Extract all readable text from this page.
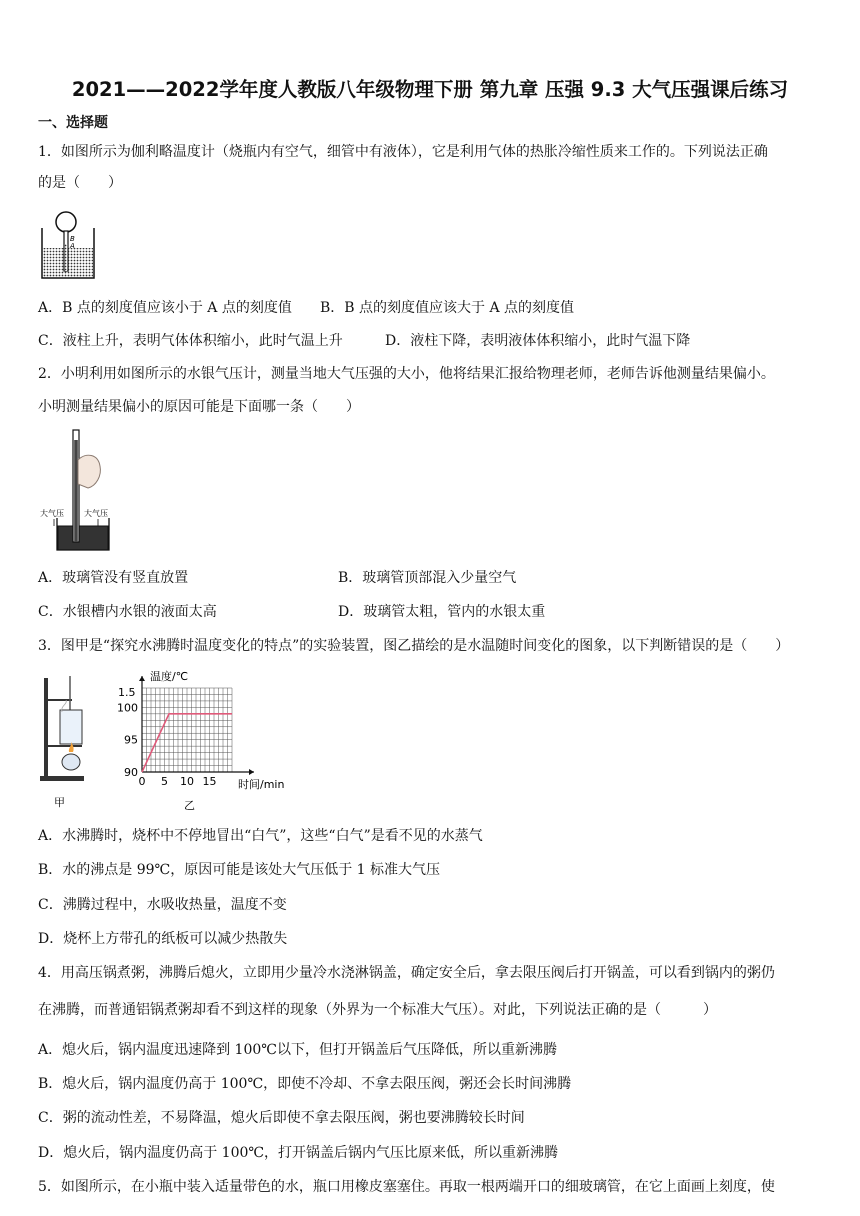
2021——2022学年度人教版八年级物理下册 第九章 压强 9.3 大气压强课后练习
一、选择题
1．如图所示为伽利略温度计（烧瓶内有空气，细管中有液体），它是利用气体的热胀冷缩性质来工作的。下列说法正确
的是（　　）
B
A
A．B 点的刻度值应该小于 A 点的刻度值 B．B 点的刻度值应该大于 A 点的刻度值
C．液柱上升，表明气体体积缩小，此时气温上升	D．液柱下降，表明液体体积缩小，此时气温下降
2．小明利用如图所示的水银气压计，测量当地大气压强的大小，他将结果汇报给物理老师，老师告诉他测量结果偏小。
小明测量结果偏小的原因可能是下面哪一条（　　）
大气压	大气压
A．玻璃管没有竖直放置	B．玻璃管顶部混入少量空气
C．水银槽内水银的液面太高	D．玻璃管太粗，管内的水银太重
3．图甲是“探究水沸腾时温度变化的特点”的实验装置，图乙描绘的是水温随时间变化的图象，以下判断错误的是（　　）
甲
温度/℃
时间/min
1.5
乙
0 5 10 15
90
95
100
A．水沸腾时，烧杯中不停地冒出“白气”，这些“白气”是看不见的水蒸气
B．水的沸点是 99℃，原因可能是该处大气压低于 1 标准大气压
C．沸腾过程中，水吸收热量，温度不变
D．烧杯上方带孔的纸板可以减少热散失
4．用高压锅煮粥，沸腾后熄火，立即用少量冷水浇淋锅盖，确定安全后，拿去限压阀后打开锅盖，可以看到锅内的粥仍
在沸腾，而普通铝锅煮粥却看不到这样的现象（外界为一个标准大气压）。对此，下列说法正确的是（　　　）
A．熄火后，锅内温度迅速降到 100℃以下，但打开锅盖后气压降低，所以重新沸腾
B．熄火后，锅内温度仍高于 100℃，即使不冷却、不拿去限压阀，粥还会长时间沸腾
C．粥的流动性差，不易降温，熄火后即使不拿去限压阀，粥也要沸腾较长时间
D．熄火后，锅内温度仍高于 100℃，打开锅盖后锅内气压比原来低，所以重新沸腾
5．如图所示，在小瓶中装入适量带色的水，瓶口用橡皮塞塞住。再取一根两端开口的细玻璃管，在它上面画上刻度，使
